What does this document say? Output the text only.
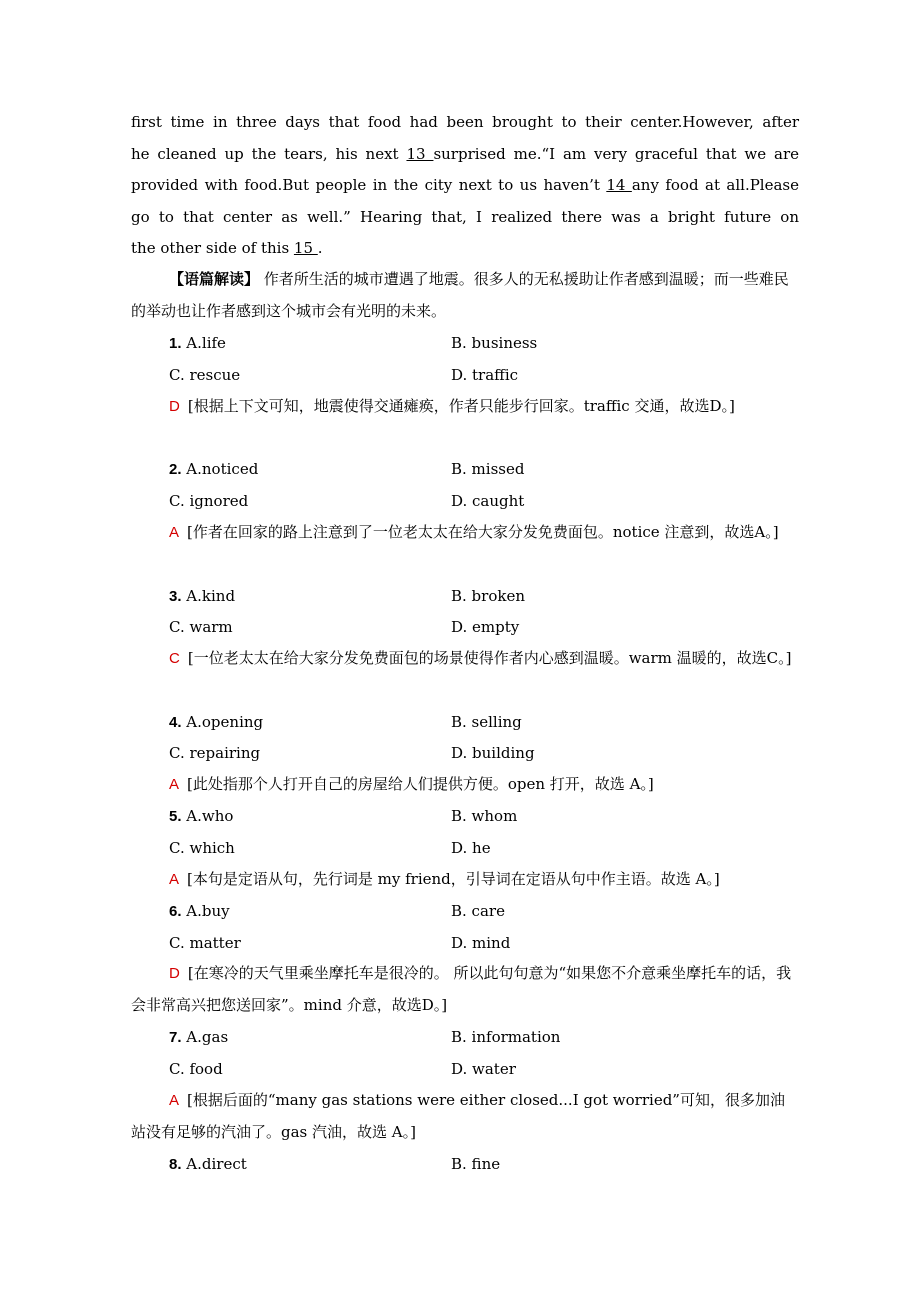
first time in three days that food had been brought to their center.However, after
he cleaned up the tears, his next 13 surprised me.“I am very graceful that we are
provided with food.But people in the city next to us haven’t 14 any food at all.Please
go to that center as well.” Hearing that, I realized there was a bright future on
the other side of this 15 .
【语篇解读】 作者所生活的城市遭遇了地震。很多人的无私援助让作者感到温暖；而一些难民的举动也让作者感到这个城市会有光明的未来。
1. A.life	B. business
C. rescue	D. traffic
D [根据上下文可知，地震使得交通瘫痪，作者只能步行回家。traffic 交通，故选D。]
2. A.noticed	B. missed
C. ignored	D. caught
A [作者在回家的路上注意到了一位老太太在给大家分发免费面包。notice 注意到，故选A。]
3. A.kind	B. broken
C. warm	D. empty
C [一位老太太在给大家分发免费面包的场景使得作者内心感到温暖。warm 温暖的，故选C。]
4. A.opening	B. selling
C. repairing	D. building
A [此处指那个人打开自己的房屋给人们提供方便。open 打开，故选 A。]
5. A.who	B. whom
C. which	D. he
A [本句是定语从句，先行词是 my friend，引导词在定语从句中作主语。故选 A。]
6. A.buy	B. care
C. matter	D. mind
D [在寒冷的天气里乘坐摩托车是很冷的。 所以此句句意为“如果您不介意乘坐摩托车的话，我会非常高兴把您送回家”。mind 介意，故选D。]
7. A.gas	B. information
C. food	D. water
A [根据后面的“many gas stations were either closed...I got worried”可知，很多加油站没有足够的汽油了。gas 汽油，故选 A。]
8. A.direct	B. fine
